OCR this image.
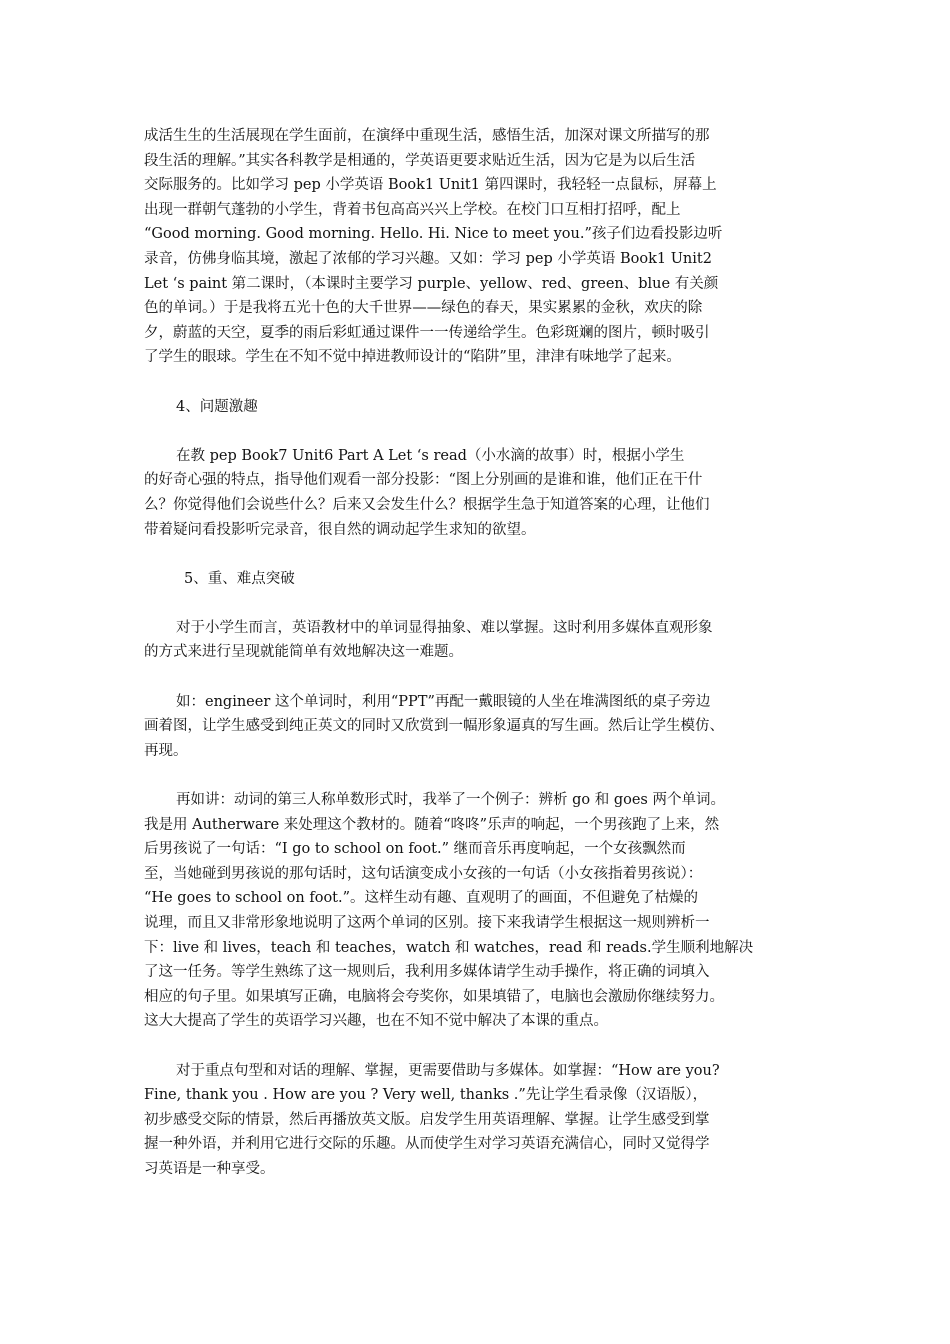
成活生生的生活展现在学生面前，在演绎中重现生活，感悟生活，加深对课文所描写的那
段生活的理解。”其实各科教学是相通的，学英语更要求贴近生活，因为它是为以后生活
交际服务的。比如学习 pep 小学英语 Book1 Unit1 第四课时，我轻轻一点鼠标，屏幕上
出现一群朝气蓬勃的小学生，背着书包高高兴兴上学校。在校门口互相打招呼，配上
“Good morning. Good morning. Hello. Hi. Nice to meet you.”孩子们边看投影边听
录音，仿佛身临其境，激起了浓郁的学习兴趣。又如：学习 pep 小学英语 Book1 Unit2
Let ‘s paint 第二课时，（本课时主要学习 purple、yellow、red、green、blue 有关颜
色的单词。）于是我将五光十色的大千世界——绿色的春天，果实累累的金秋，欢庆的除
夕，蔚蓝的天空，夏季的雨后彩虹通过课件一一传递给学生。色彩斑斓的图片，顿时吸引
了学生的眼球。学生在不知不觉中掉进教师设计的“陷阱”里，津津有味地学了起来。
4、问题激趣
在教 pep Book7 Unit6 Part A Let ‘s read（小水滴的故事）时，根据小学生
的好奇心强的特点，指导他们观看一部分投影：“图上分别画的是谁和谁，他们正在干什
么？你觉得他们会说些什么？后来又会发生什么？根据学生急于知道答案的心理，让他们
带着疑问看投影听完录音，很自然的调动起学生求知的欲望。
5、重、难点突破
对于小学生而言，英语教材中的单词显得抽象、难以掌握。这时利用多媒体直观形象
的方式来进行呈现就能简单有效地解决这一难题。
如：engineer 这个单词时，利用“PPT”再配一戴眼镜的人坐在堆满图纸的桌子旁边
画着图，让学生感受到纯正英文的同时又欣赏到一幅形象逼真的写生画。然后让学生模仿、
再现。
再如讲：动词的第三人称单数形式时，我举了一个例子：辨析 go 和 goes 两个单词。
我是用 Autherware 来处理这个教材的。随着“咚咚”乐声的响起，一个男孩跑了上来，然
后男孩说了一句话：“I go to school on foot.” 继而音乐再度响起，一个女孩飘然而
至，当她碰到男孩说的那句话时，这句话演变成小女孩的一句话（小女孩指着男孩说）：
“He goes to school on foot.”。这样生动有趣、直观明了的画面，不但避免了枯燥的
说理，而且又非常形象地说明了这两个单词的区别。接下来我请学生根据这一规则辨析一
下：live 和 lives，teach 和 teaches，watch 和 watches，read 和 reads.学生顺利地解决
了这一任务。等学生熟练了这一规则后，我利用多媒体请学生动手操作，将正确的词填入
相应的句子里。如果填写正确，电脑将会夸奖你，如果填错了，电脑也会激励你继续努力。
这大大提高了学生的英语学习兴趣，也在不知不觉中解决了本课的重点。
对于重点句型和对话的理解、掌握，更需要借助与多媒体。如掌握：“How are you?
Fine, thank you . How are you ? Very well, thanks .”先让学生看录像（汉语版），
初步感受交际的情景，然后再播放英文版。启发学生用英语理解、掌握。让学生感受到掌
握一种外语，并利用它进行交际的乐趣。从而使学生对学习英语充满信心，同时又觉得学
习英语是一种享受。
